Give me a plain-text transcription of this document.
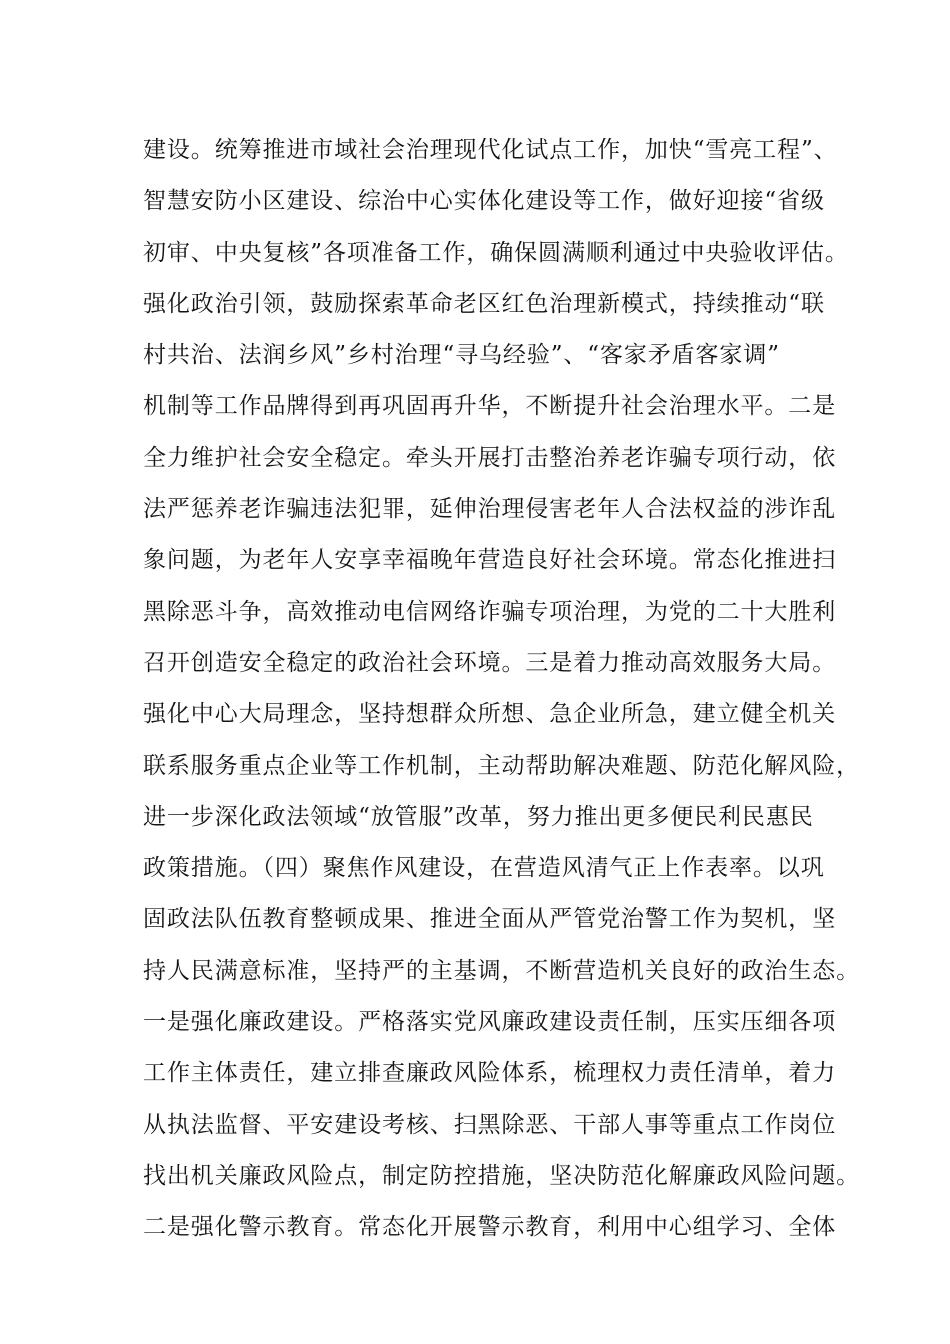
建设。统筹推进市域社会治理现代化试点工作，加快“雪亮工程”、
智慧安防小区建设、综治中心实体化建设等工作，做好迎接“省级
初审、中央复核”各项准备工作，确保圆满顺利通过中央验收评估。
强化政治引领，鼓励探索革命老区红色治理新模式，持续推动“联
村共治、法润乡风”乡村治理“寻乌经验”、“客家矛盾客家调”
机制等工作品牌得到再巩固再升华，不断提升社会治理水平。二是
全力维护社会安全稳定。牵头开展打击整治养老诈骗专项行动，依
法严惩养老诈骗违法犯罪，延伸治理侵害老年人合法权益的涉诈乱
象问题，为老年人安享幸福晚年营造良好社会环境。常态化推进扫
黑除恶斗争，高效推动电信网络诈骗专项治理，为党的二十大胜利
召开创造安全稳定的政治社会环境。三是着力推动高效服务大局。
强化中心大局理念，坚持想群众所想、急企业所急，建立健全机关
联系服务重点企业等工作机制，主动帮助解决难题、防范化解风险，
进一步深化政法领域“放管服”改革，努力推出更多便民利民惠民
政策措施。（四）聚焦作风建设，在营造风清气正上作表率。以巩
固政法队伍教育整顿成果、推进全面从严管党治警工作为契机，坚
持人民满意标准，坚持严的主基调，不断营造机关良好的政治生态。
一是强化廉政建设。严格落实党风廉政建设责任制，压实压细各项
工作主体责任，建立排查廉政风险体系，梳理权力责任清单，着力
从执法监督、平安建设考核、扫黑除恶、干部人事等重点工作岗位
找出机关廉政风险点，制定防控措施，坚决防范化解廉政风险问题。
二是强化警示教育。常态化开展警示教育，利用中心组学习、全体
